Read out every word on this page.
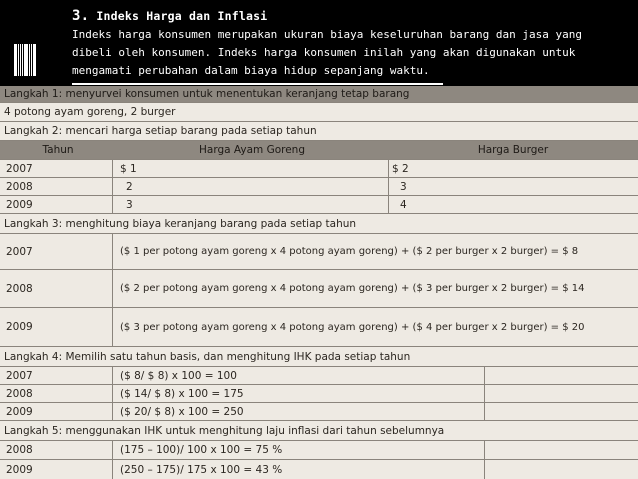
3. Indeks Harga dan Inflasi
Indeks harga konsumen merupakan ukuran biaya keseluruhan barang dan jasa yang
dibeli oleh konsumen. Indeks harga konsumen inilah yang akan digunakan untuk
mengamati perubahan dalam biaya hidup sepanjang waktu.
Langkah 1: menyurvei konsumen untuk menentukan keranjang tetap barang
4 potong ayam goreng, 2 burger
Langkah 2: mencari harga setiap barang pada setiap tahun
Tahun	Harga Ayam Goreng	Harga Burger
2007	$ 1	$ 2
2008	2	3
2009	3	4
Langkah 3: menghitung biaya keranjang barang pada setiap tahun
2007	($ 1 per potong ayam goreng x 4 potong ayam goreng) + ($ 2 per burger x 2 burger) = $ 8
2008	($ 2 per potong ayam goreng x 4 potong ayam goreng) + ($ 3 per burger x 2 burger) = $ 14
2009	($ 3 per potong ayam goreng x 4 potong ayam goreng) + ($ 4 per burger x 2 burger) = $ 20
Langkah 4: Memilih satu tahun basis, dan menghitung IHK pada setiap tahun
2007	($ 8/ $ 8) x 100 = 100
2008	($ 14/ $ 8) x 100 = 175
2009	($ 20/ $ 8) x 100 = 250
Langkah 5: menggunakan IHK untuk menghitung laju inflasi dari tahun sebelumnya
2008	(175 – 100)/ 100 x 100 = 75 %
2009	(250 – 175)/ 175 x 100 = 43 %
